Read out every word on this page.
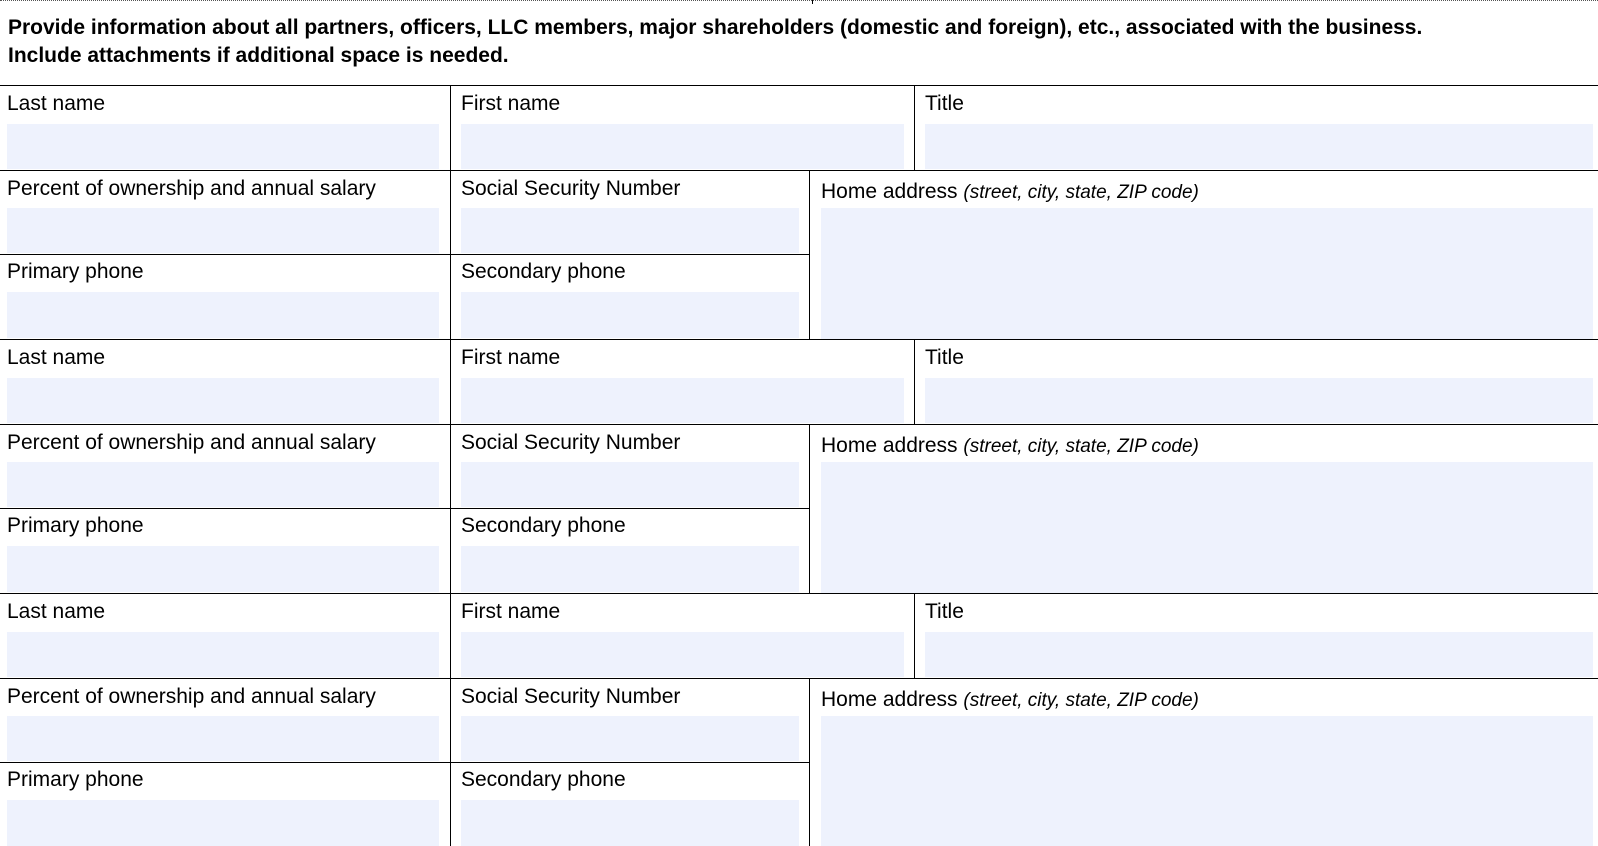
Provide information about all partners, officers, LLC members, major shareholders (domestic and foreign), etc., associated with the business.
Include attachments if additional space is needed.
Last name	First name	Title
Percent of ownership and annual salary	Social Security Number	Home address (street, city, state, ZIP code)
Primary phone	Secondary phone
Last name	First name	Title
Percent of ownership and annual salary	Social Security Number	Home address (street, city, state, ZIP code)
Primary phone	Secondary phone
Last name	First name	Title
Percent of ownership and annual salary	Social Security Number	Home address (street, city, state, ZIP code)
Primary phone	Secondary phone
